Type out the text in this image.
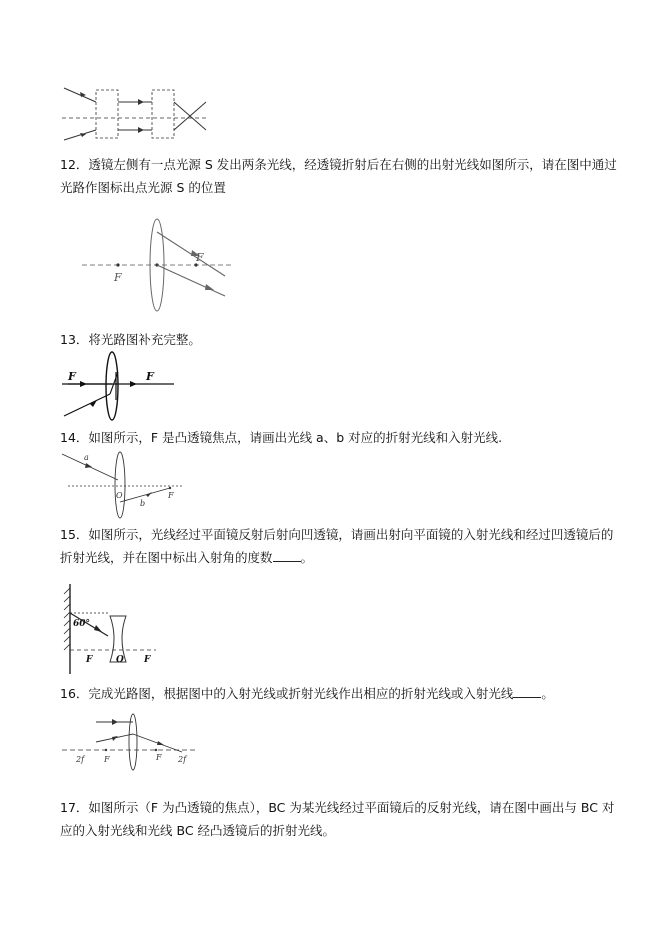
12．透镜左侧有一点光源 S 发出两条光线，经透镜折射后在右侧的出射光线如图所示，请在图中通过光路作图标出点光源 S 的位置
F
F
13．将光路图补充完整。
F	F
14．如图所示，F 是凸透镜焦点，请画出光线 a、b 对应的折射光线和入射光线.
a
b
O	F
15．如图所示，光线经过平面镜反射后射向凹透镜，请画出射向平面镜的入射光线和经过凹透镜后的折射光线，并在图中标出入射角的度数 。
60°
F	O F
16．完成光路图，根据图中的入射光线或折射光线作出相应的折射光线或入射光线 。
2f F	F 2f
17．如图所示（F 为凸透镜的焦点），BC 为某光线经过平面镜后的反射光线，请在图中画出与 BC 对应的入射光线和光线 BC 经凸透镜后的折射光线。
